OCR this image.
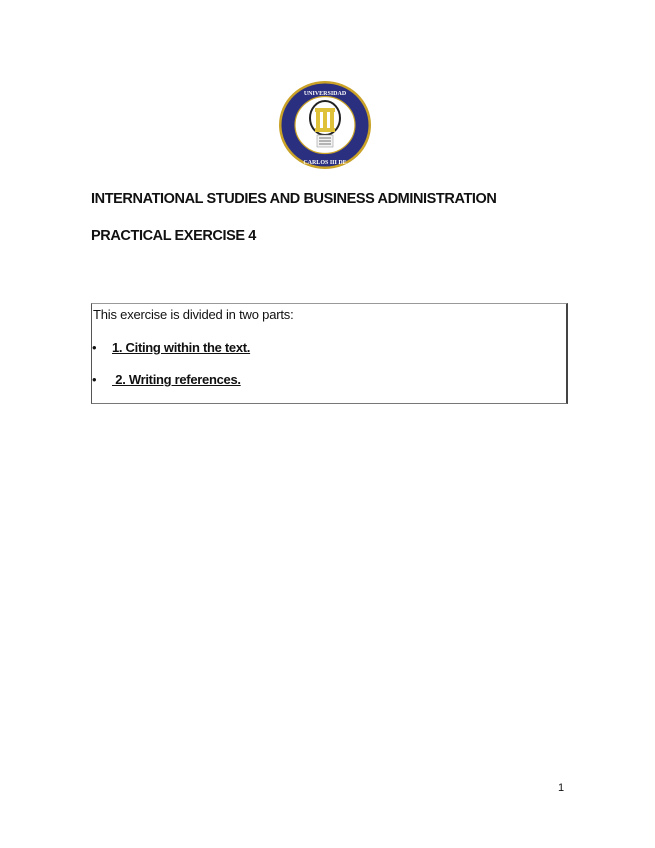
UNIVERSIDAD
CARLOS III DE
INTERNATIONAL STUDIES AND BUSINESS ADMINISTRATION
PRACTICAL EXERCISE 4
This exercise is divided in two parts:
• 1. Citing within the text.
• 2. Writing references.
1
